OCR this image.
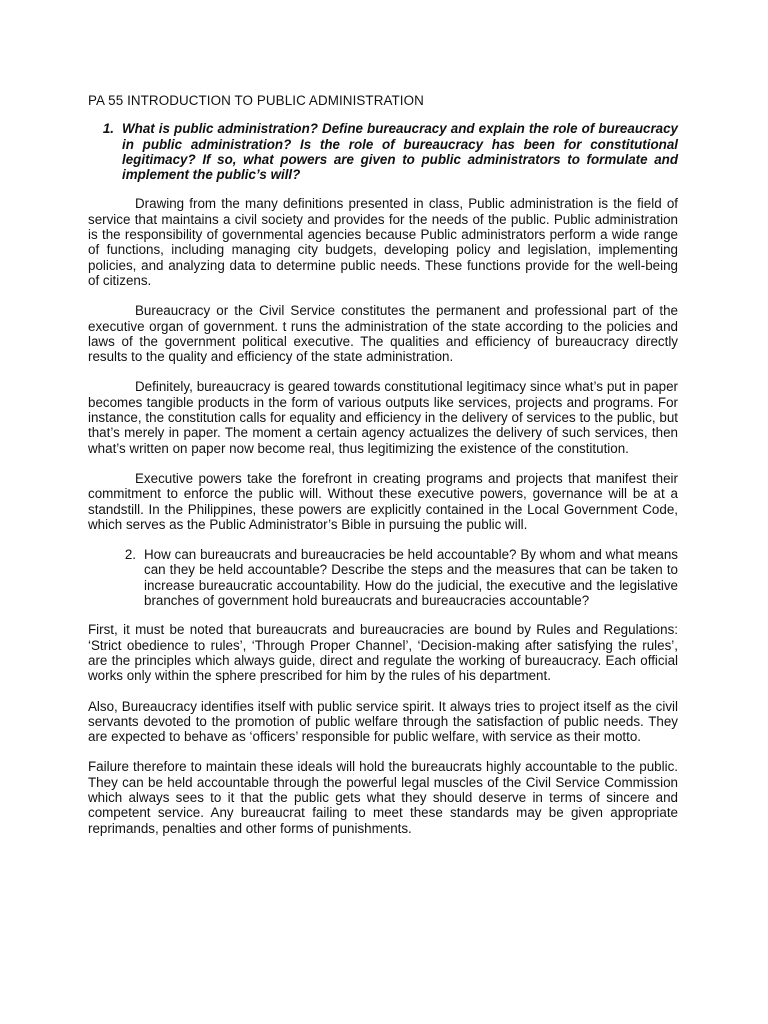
PA 55 INTRODUCTION TO PUBLIC ADMINISTRATION
1. What is public administration? Define bureaucracy and explain the role of bureaucracy in public administration? Is the role of bureaucracy has been for constitutional legitimacy? If so, what powers are given to public administrators to formulate and implement the public’s will?

Drawing from the many definitions presented in class, Public administration is the field of service that maintains a civil society and provides for the needs of the public. Public administration is the responsibility of governmental agencies because Public administrators perform a wide range of functions, including managing city budgets, developing policy and legislation, implementing policies, and analyzing data to determine public needs. These functions provide for the well-being of citizens.

Bureaucracy or the Civil Service constitutes the permanent and professional part of the executive organ of government. t runs the administration of the state according to the policies and laws of the government political executive. The qualities and efficiency of bureaucracy directly results to the quality and efficiency of the state administration.

Definitely, bureaucracy is geared towards constitutional legitimacy since what’s put in paper becomes tangible products in the form of various outputs like services, projects and programs. For instance, the constitution calls for equality and efficiency in the delivery of services to the public, but that’s merely in paper. The moment a certain agency actualizes the delivery of such services, then what’s written on paper now become real, thus legitimizing the existence of the constitution.

Executive powers take the forefront in creating programs and projects that manifest their commitment to enforce the public will. Without these executive powers, governance will be at a standstill. In the Philippines, these powers are explicitly contained in the Local Government Code, which serves as the Public Administrator’s Bible in pursuing the public will.

2. How can bureaucrats and bureaucracies be held accountable? By whom and what means can they be held accountable? Describe the steps and the measures that can be taken to increase bureaucratic accountability. How do the judicial, the executive and the legislative branches of government hold bureaucrats and bureaucracies accountable?

First, it must be noted that bureaucrats and bureaucracies are bound by Rules and Regulations: ‘Strict obedience to rules’, ‘Through Proper Channel’, ‘Decision-making after satisfying the rules’, are the principles which always guide, direct and regulate the working of bureaucracy. Each official works only within the sphere prescribed for him by the rules of his department.

Also, Bureaucracy identifies itself with public service spirit. It always tries to project itself as the civil servants devoted to the promotion of public welfare through the satisfaction of public needs. They are expected to behave as ‘officers’ responsible for public welfare, with service as their motto.

Failure therefore to maintain these ideals will hold the bureaucrats highly accountable to the public. They can be held accountable through the powerful legal muscles of the Civil Service Commission which always sees to it that the public gets what they should deserve in terms of sincere and competent service. Any bureaucrat failing to meet these standards may be given appropriate reprimands, penalties and other forms of punishments.
